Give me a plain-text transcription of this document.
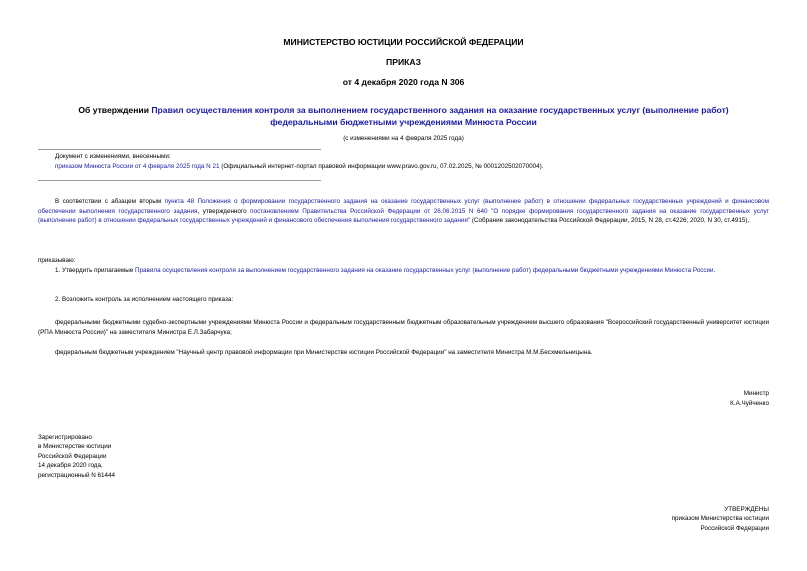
МИНИСТЕРСТВО ЮСТИЦИИ РОССИЙСКОЙ ФЕДЕРАЦИИ
ПРИКАЗ
от 4 декабря 2020 года N 306
Об утверждении Правил осуществления контроля за выполнением государственного задания на оказание государственных услуг (выполнение работ)
федеральными бюджетными учреждениями Минюста России
(с изменениями на 4 февраля 2025 года)
Документ с изменениями, внесенными:
приказом Минюста России от 4 февраля 2025 года N 21 (Официальный интернет-портал правовой информации www.pravo.gov.ru, 07.02.2025, № 0001202502070004).
В соответствии с абзацем вторым пункта 48 Положения о формировании государственного задания на оказание государственных услуг (выполнение работ) в отношении федеральных государственных учреждений и финансовом обеспечении выполнения государственного задания, утвержденного постановлением Правительства Российской Федерации от 26.06.2015 N 640 "О порядке формирования государственного задания на оказание государственных услуг (выполнение работ) в отношении федеральных государственных учреждений и финансового обеспечения выполнения государственного задания" (Собрание законодательства Российской Федерации, 2015, N 28, ст.4226; 2020, N 30, ст.4915),
приказываю:
1. Утвердить прилагаемые Правила осуществления контроля за выполнением государственного задания на оказание государственных услуг (выполнение работ) федеральными бюджетными учреждениями Минюста России.
2. Возложить контроль за исполнением настоящего приказа:
федеральными бюджетными судебно-экспертными учреждениями Минюста России и федеральным государственным бюджетным образовательным учреждением высшего образования "Всероссийский государственный университет юстиции (РПА Минюста России)" на заместителя Министра Е.Л.Забарчука;
федеральным бюджетным учреждением "Научный центр правовой информации при Министерстве юстиции Российской Федерации" на заместителя Министра М.М.Бесхмельницына.
Министр
К.А.Чуйченко
Зарегистрировано
в Министерстве юстиции
Российской Федерации
14 декабря 2020 года,
регистрационный N 61444
УТВЕРЖДЕНЫ
приказом Министерства юстиции
Российской Федерации
